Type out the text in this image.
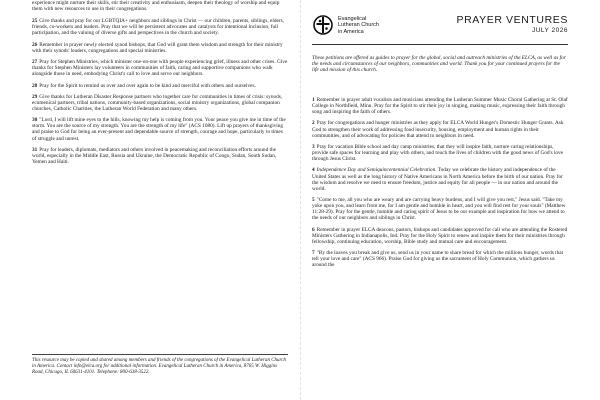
experience might nurture their skills, stir their creativity and enthusiasm, deepen their theology of worship and equip them with new resources to use in their congregations.

25 Give thanks and pray for our LGBTQIA+ neighbors and siblings in Christ — our children, parents, siblings, elders, friends, co-workers and leaders. Pray that we will be persistent advocates and catalysts for intentional inclusion, full participation, and the valuing of diverse gifts and perspectives in the church and society.

26 Remember in prayer newly elected synod bishops, that God will grant them wisdom and strength for their ministry with their synods' leaders, congregations and special ministries.

27 Pray for Stephen Ministries, which minister one-on-one with people experiencing grief, illness and other crises. Give thanks for Stephen Ministers lay volunteers in communities of faith, caring and supportive companions who walk alongside those in need, embodying Christ's call to love and serve our neighbors.

28 Pray for the Spirit to remind us over and over again to be kind and merciful with others and ourselves.

29 Give thanks for Lutheran Disaster Response partners who together care for communities in times of crisis: synods, ecumenical partners, tribal nations, community-based organizations, social ministry organizations, global companion churches, Catholic Charities, the Lutheran World Federation and many others.

30 "Lord, I will lift mine eyes to the hills, knowing my help is coming from you. Your peace you give me in time of the storm. You are the source of my strength. You are the strength of my life" (ACS 1080). Lift up prayers of thanksgiving and praise to God for being an ever-present and dependable source of strength, courage and hope, particularly in times of struggle and unrest.

31 Pray for leaders, diplomats, mediators and others involved in peacemaking and reconciliation efforts around the world, especially in the Middle East, Russia and Ukraine, the Democratic Republic of Congo, Sudan, South Sudan, Yemen and Haiti.

This resource may be copied and shared among members and friends of the congregations of the Evangelical Lutheran Church in America. Contact info@elca.org for additional information. Evangelical Lutheran Church in America, 8765 W. Higgins Road, Chicago, IL 60631-4101. Telephone: 800-638-3522.
Evangelical
Lutheran Church
in America
PRAYER VENTURES
JULY 2026

These petitions are offered as guides to prayer for the global, social and outreach ministries of the ELCA, as well as for the needs and circumstances of our neighbors, communities and world. Thank you for your continued prayers for the life and mission of this church.

1 Remember in prayer adult vocalists and musicians attending the Lutheran Summer Music Choral Gathering at St. Olaf College in Northfield, Minn. Pray for the Spirit to stir their joy in singing, making music, expressing their faith through song and inspiring the faith of others.

2 Pray for congregations and hunger ministries as they apply for ELCA World Hunger's Domestic Hunger Grants. Ask God to strengthen their work of addressing food insecurity, housing, employment and human rights in their communities, and of advocating for policies that attend to neighbors in need.

3 Pray for vacation Bible school and day camp ministries, that they will inspire faith, nurture caring relationships, provide safe spaces for learning and play with others, and touch the lives of children with the good news of God's love through Jesus Christ.

4 Independence Day and Semiquincentennial Celebration. Today we celebrate the history and independence of the United States as well as the long history of Native Americans in North America before the birth of our nation. Pray for the wisdom and resolve we need to ensure freedom, justice and equity for all people — in our nation and around the world.

5 "Come to me, all you who are weary and are carrying heavy burdens, and I will give you rest," Jesus said. "Take my yoke upon you, and learn from me, for I am gentle and humble in heart, and you will find rest for your souls" (Matthew 11:28-29). Pray for the gentle, humble and caring spirit of Jesus to be our example and inspiration for how we attend to the needs of our neighbors and siblings in Christ.

6 Remember in prayer ELCA deacons, pastors, bishops and candidates approved for call who are attending the Rostered Ministers Gathering in Indianapolis, Ind. Pray for the Holy Spirit to renew and inspire them for their ministries through fellowship, continuing education, worship, Bible study and mutual care and encouragement.

7 "By the loaves you break and give us, send us in your name to share bread for which the millions hunger, words that tell your love and care" (ACS 966). Praise God for giving us the sacrament of Holy Communion, which gathers us around the
